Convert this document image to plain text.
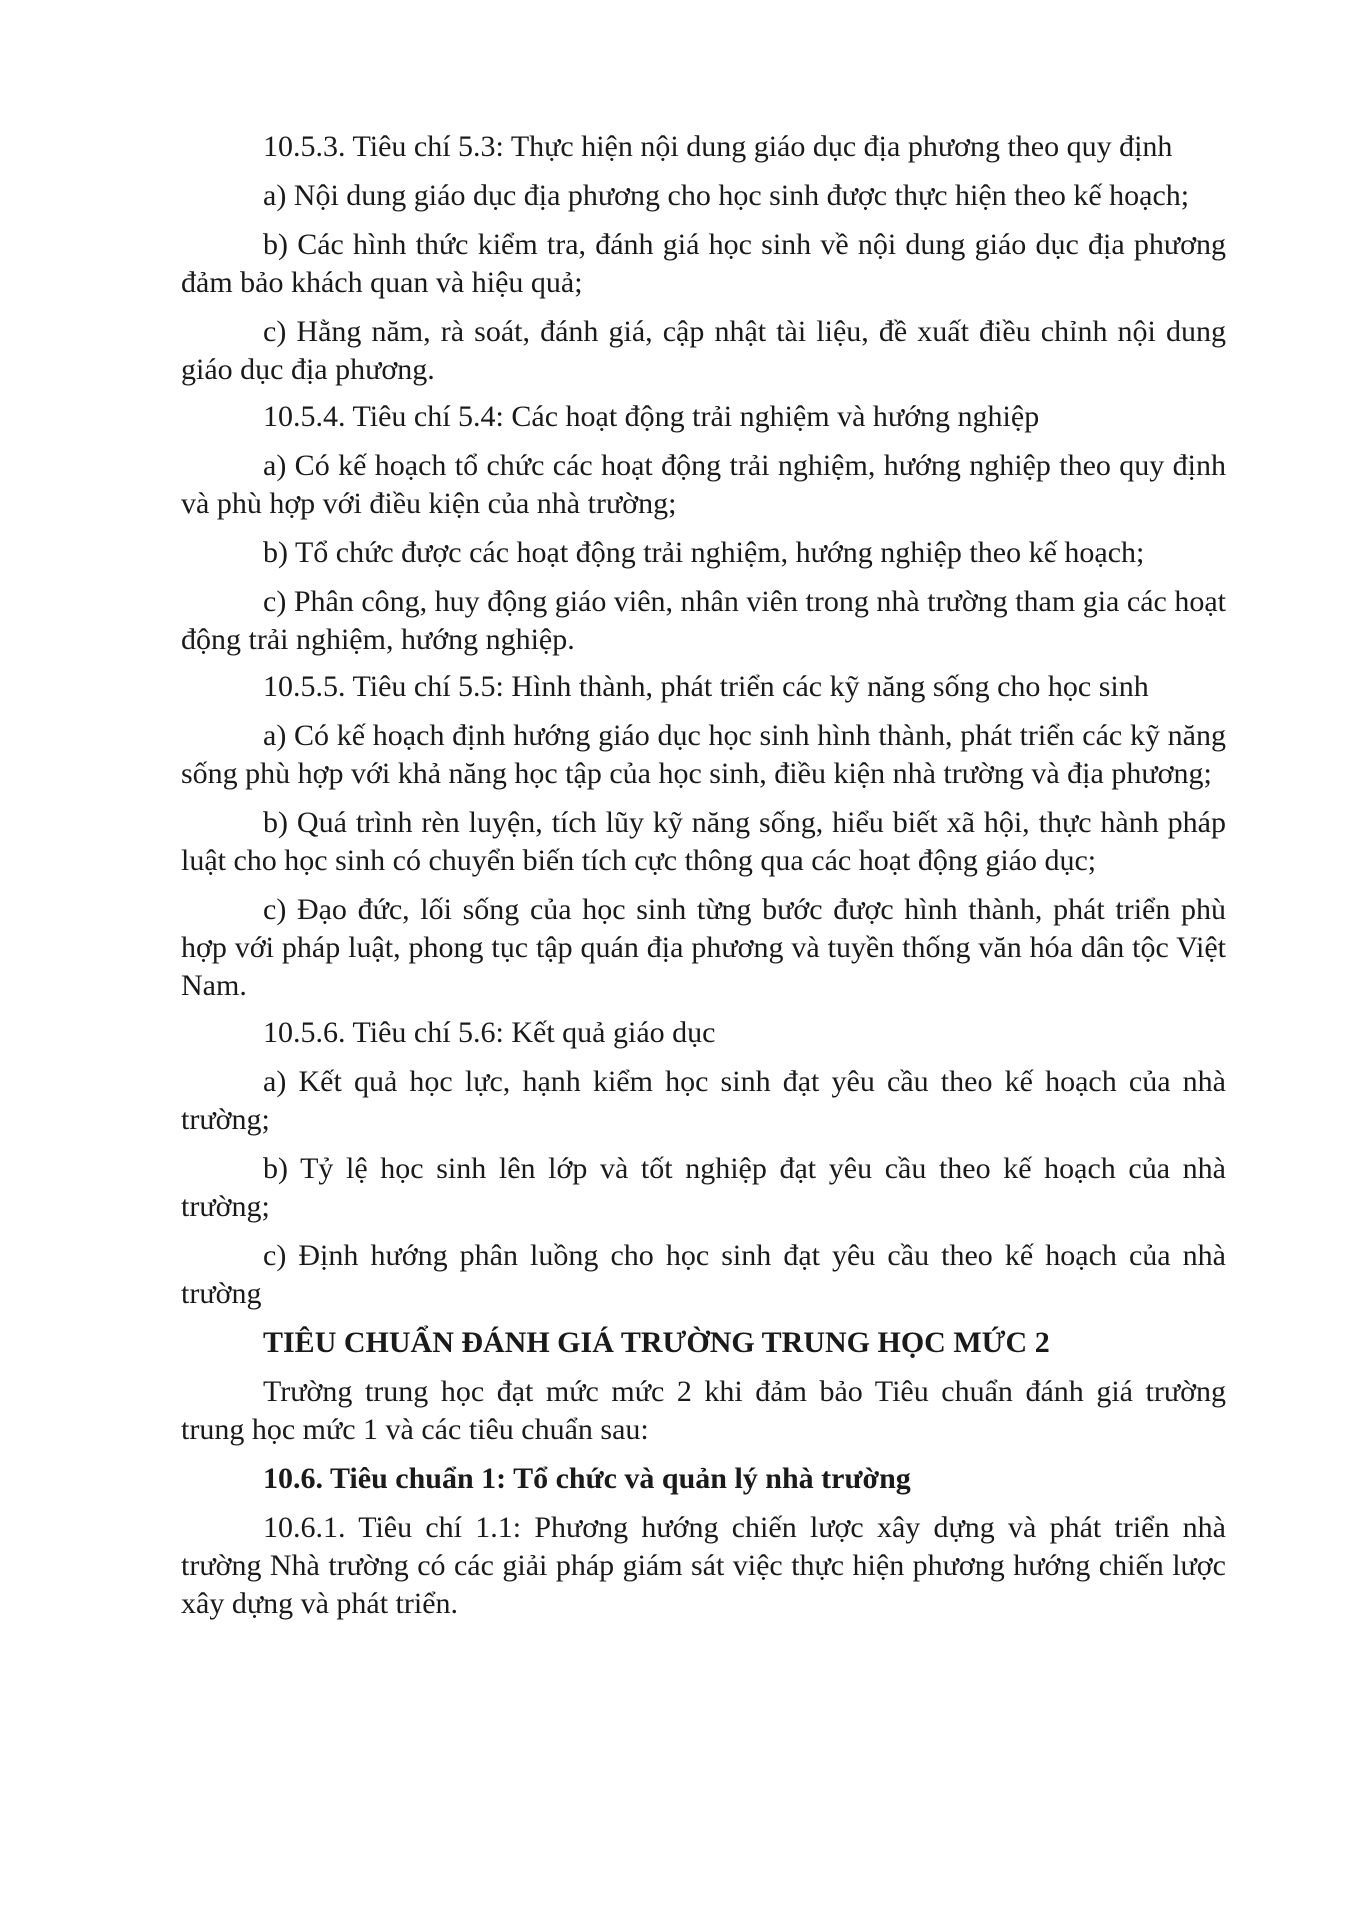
10.5.3. Tiêu chí 5.3: Thực hiện nội dung giáo dục địa phương theo quy định

a) Nội dung giáo dục địa phương cho học sinh được thực hiện theo kế hoạch;

b) Các hình thức kiểm tra, đánh giá học sinh về nội dung giáo dục địa phương đảm bảo khách quan và hiệu quả;

c) Hằng năm, rà soát, đánh giá, cập nhật tài liệu, đề xuất điều chỉnh nội dung giáo dục địa phương.

10.5.4. Tiêu chí 5.4: Các hoạt động trải nghiệm và hướng nghiệp

a) Có kế hoạch tổ chức các hoạt động trải nghiệm, hướng nghiệp theo quy định và phù hợp với điều kiện của nhà trường;

b) Tổ chức được các hoạt động trải nghiệm, hướng nghiệp theo kế hoạch;

c) Phân công, huy động giáo viên, nhân viên trong nhà trường tham gia các hoạt động trải nghiệm, hướng nghiệp.

10.5.5. Tiêu chí 5.5: Hình thành, phát triển các kỹ năng sống cho học sinh

a) Có kế hoạch định hướng giáo dục học sinh hình thành, phát triển các kỹ năng sống phù hợp với khả năng học tập của học sinh, điều kiện nhà trường và địa phương;

b) Quá trình rèn luyện, tích lũy kỹ năng sống, hiểu biết xã hội, thực hành pháp luật cho học sinh có chuyển biến tích cực thông qua các hoạt động giáo dục;

c) Đạo đức, lối sống của học sinh từng bước được hình thành, phát triển phù hợp với pháp luật, phong tục tập quán địa phương và tuyền thống văn hóa dân tộc Việt Nam.

10.5.6. Tiêu chí 5.6: Kết quả giáo dục

a) Kết quả học lực, hạnh kiểm học sinh đạt yêu cầu theo kế hoạch của nhà trường;

b) Tỷ lệ học sinh lên lớp và tốt nghiệp đạt yêu cầu theo kế hoạch của nhà trường;

c) Định hướng phân luồng cho học sinh đạt yêu cầu theo kế hoạch của nhà trường

TIÊU CHUẨN ĐÁNH GIÁ TRƯỜNG TRUNG HỌC MỨC 2

Trường trung học đạt mức mức 2 khi đảm bảo Tiêu chuẩn đánh giá trường trung học mức 1 và các tiêu chuẩn sau:

10.6. Tiêu chuẩn 1: Tổ chức và quản lý nhà trường

10.6.1. Tiêu chí 1.1: Phương hướng chiến lược xây dựng và phát triển nhà trường Nhà trường có các giải pháp giám sát việc thực hiện phương hướng chiến lược xây dựng và phát triển.
